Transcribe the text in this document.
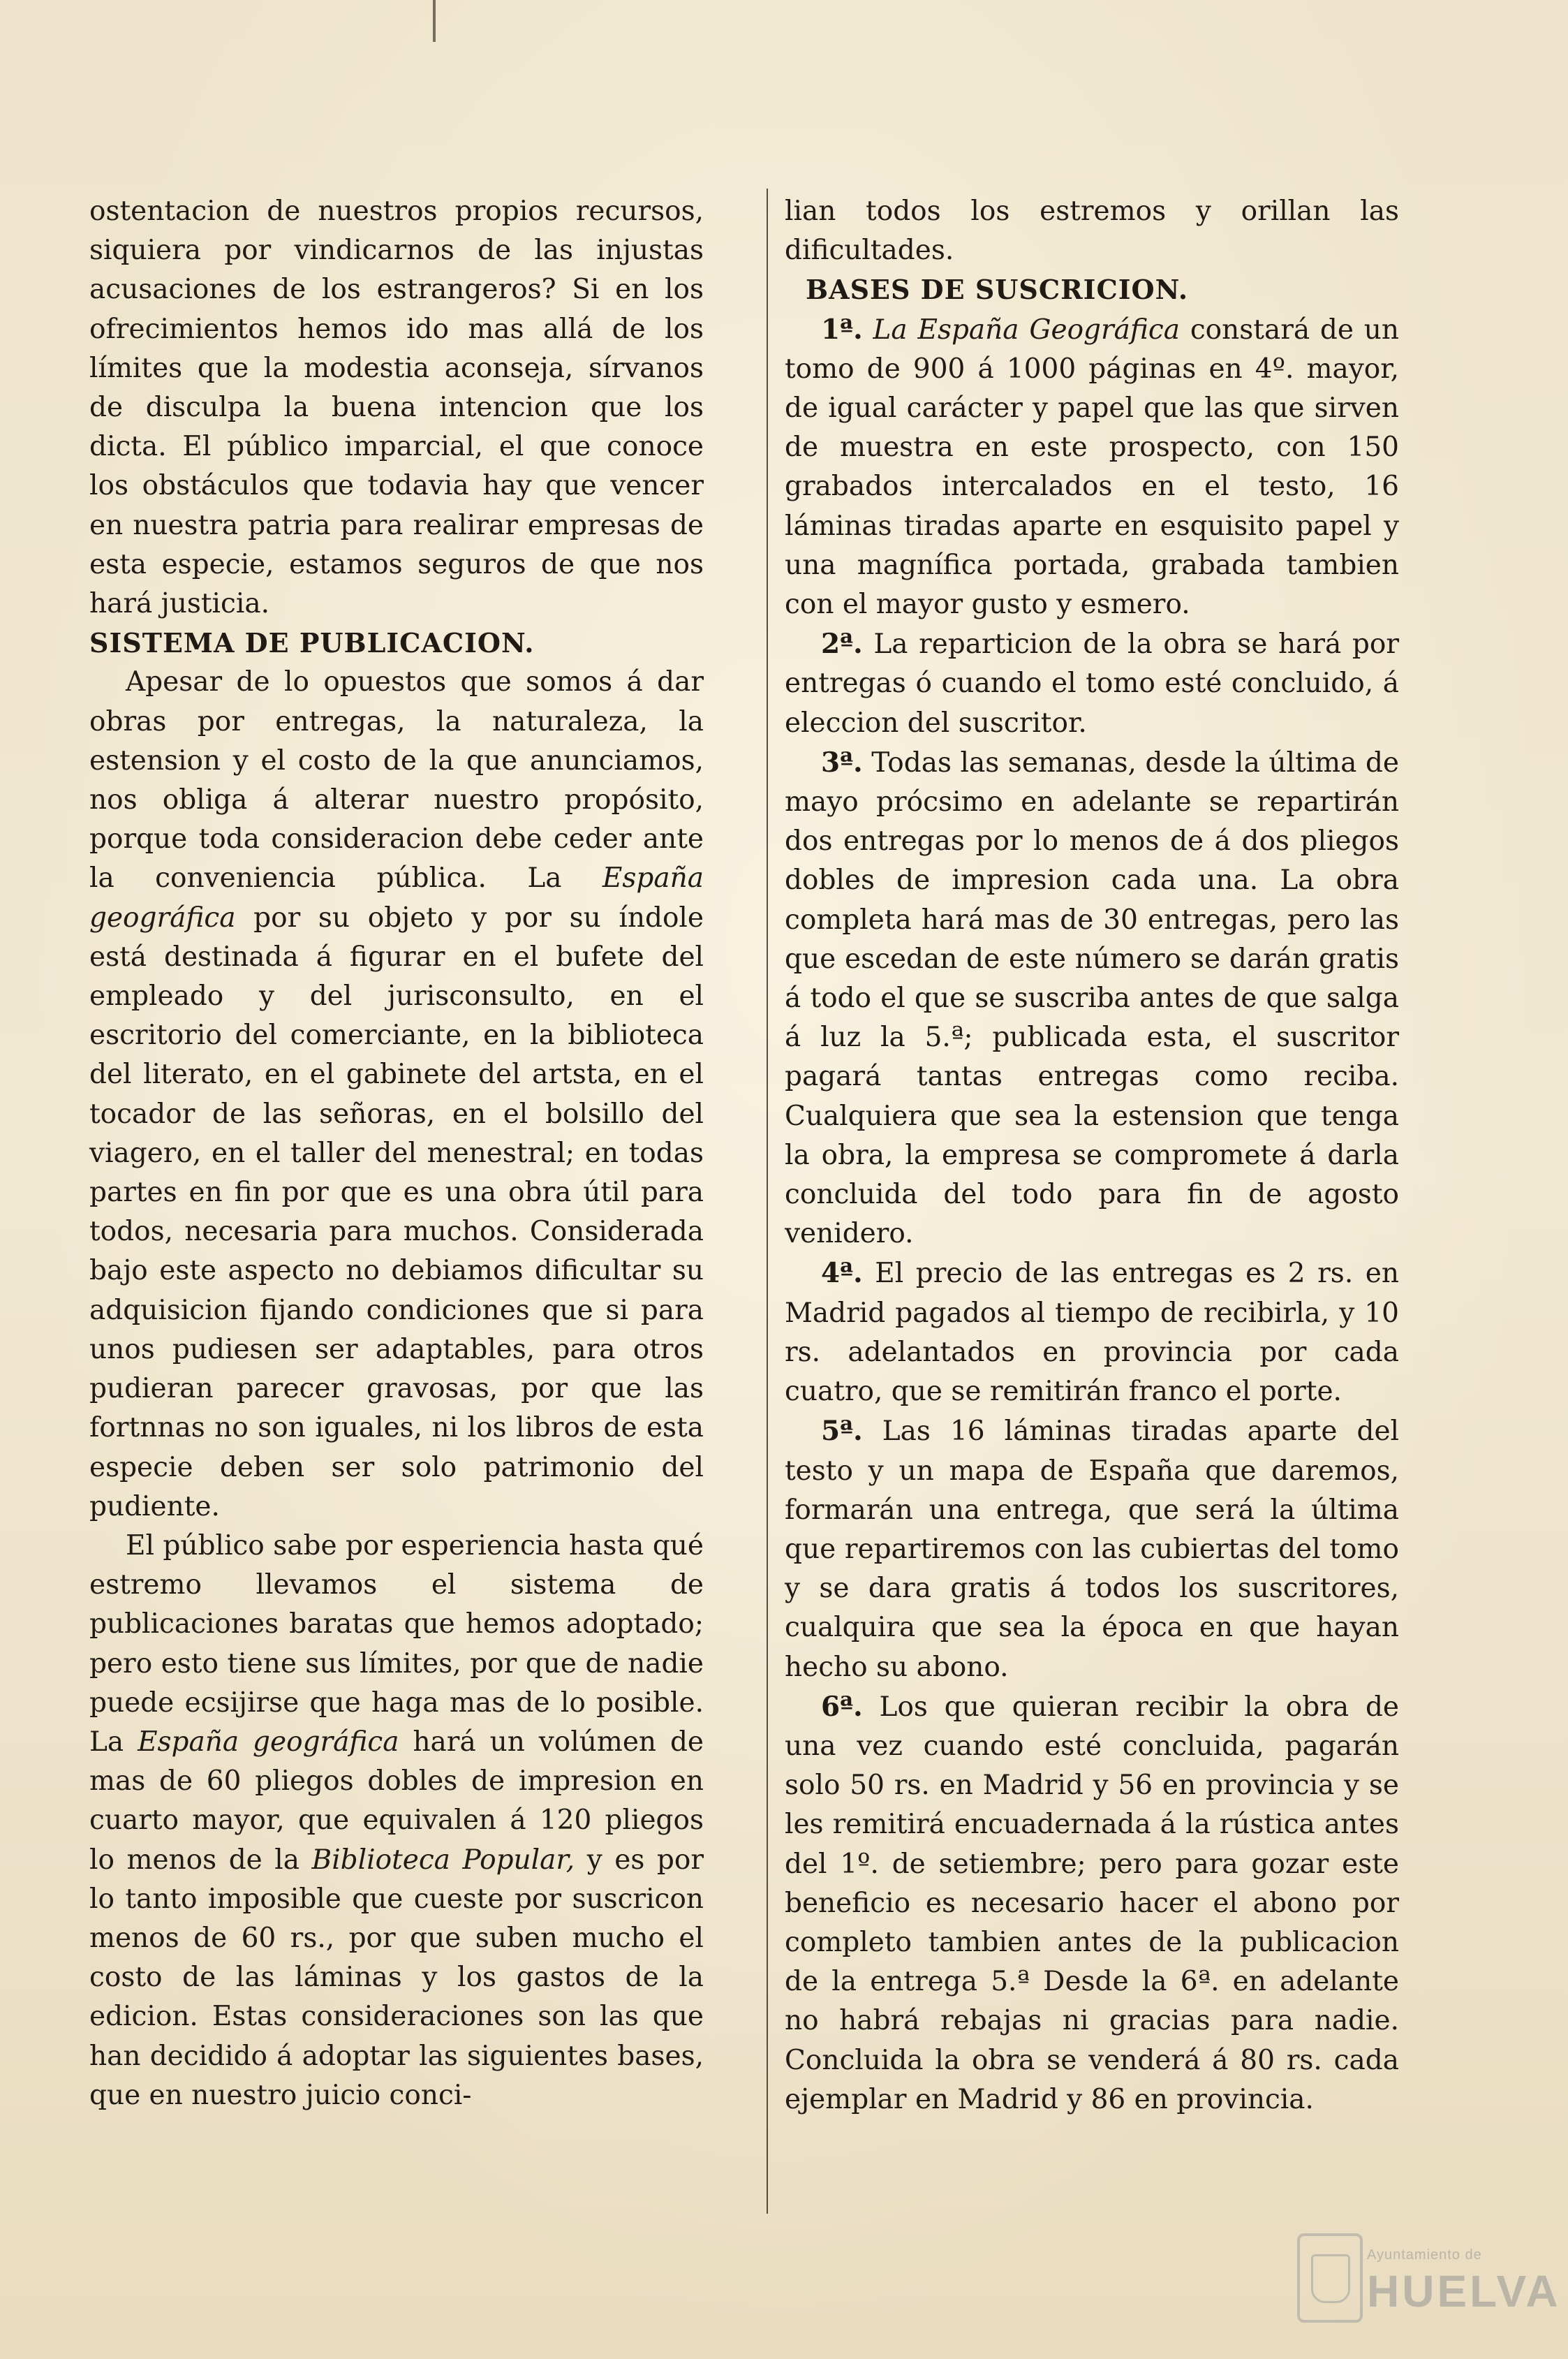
ostentacion de nuestros propios recursos, siquiera por vindicarnos de las injustas acusaciones de los estrangeros? Si en los ofrecimientos hemos ido mas allá de los límites que la modestia aconseja, sírvanos de disculpa la buena intencion que los dicta. El público imparcial, el que conoce los obstáculos que todavia hay que vencer en nuestra patria para realirar empresas de esta especie, estamos seguros de que nos hará justicia.

SISTEMA DE PUBLICACION.

Apesar de lo opuestos que somos á dar obras por entregas, la naturaleza, la estension y el costo de la que anunciamos, nos obliga á alterar nuestro propósito, porque toda consideracion debe ceder ante la conveniencia pública. La España geográfica por su objeto y por su índole está destinada á figurar en el bufete del empleado y del jurisconsulto, en el escritorio del comerciante, en la biblioteca del literato, en el gabinete del artsta, en el tocador de las señoras, en el bolsillo del viagero, en el taller del menestral; en todas partes en fin por que es una obra útil para todos, necesaria para muchos. Considerada bajo este aspecto no debiamos dificultar su adquisicion fijando condiciones que si para unos pudiesen ser adaptables, para otros pudieran parecer gravosas, por que las fortnnas no son iguales, ni los libros de esta especie deben ser solo patrimonio del pudiente.

El público sabe por esperiencia hasta qué estremo llevamos el sistema de publicaciones baratas que hemos adoptado; pero esto tiene sus límites, por que de nadie puede ecsijirse que haga mas de lo posible. La España geográfica hará un volúmen de mas de 60 pliegos dobles de impresion en cuarto mayor, que equivalen á 120 pliegos lo menos de la Biblioteca Popular, y es por lo tanto imposible que cueste por suscricon menos de 60 rs., por que suben mucho el costo de las láminas y los gastos de la edicion. Estas consideraciones son las que han decidido á adoptar las siguientes bases, que en nuestro juicio conci-

lian todos los estremos y orillan las dificultades.

BASES DE SUSCRICION.

1ª. La España Geográfica constará de un tomo de 900 á 1000 páginas en 4º. mayor, de igual carácter y papel que las que sirven de muestra en este prospecto, con 150 grabados intercalados en el testo, 16 láminas tiradas aparte en esquisito papel y una magnífica portada, grabada tambien con el mayor gusto y esmero.

2ª. La reparticion de la obra se hará por entregas ó cuando el tomo esté concluido, á eleccion del suscritor.

3ª. Todas las semanas, desde la última de mayo prócsimo en adelante se repartirán dos entregas por lo menos de á dos pliegos dobles de impresion cada una. La obra completa hará mas de 30 entregas, pero las que escedan de este número se darán gratis á todo el que se suscriba antes de que salga á luz la 5.ª; publicada esta, el suscritor pagará tantas entregas como reciba. Cualquiera que sea la estension que tenga la obra, la empresa se compromete á darla concluida del todo para fin de agosto venidero.

4ª. El precio de las entregas es 2 rs. en Madrid pagados al tiempo de recibirla, y 10 rs. adelantados en provincia por cada cuatro, que se remitirán franco el porte.

5ª. Las 16 láminas tiradas aparte del testo y un mapa de España que daremos, formarán una entrega, que será la última que repartiremos con las cubiertas del tomo y se dara gratis á todos los suscritores, cualquira que sea la época en que hayan hecho su abono.

6ª. Los que quieran recibir la obra de una vez cuando esté concluida, pagarán solo 50 rs. en Madrid y 56 en provincia y se les remitirá encuadernada á la rústica antes del 1º. de setiembre; pero para gozar este beneficio es necesario hacer el abono por completo tambien antes de la publicacion de la entrega 5.ª Desde la 6ª. en adelante no habrá rebajas ni gracias para nadie. Concluida la obra se venderá á 80 rs. cada ejemplar en Madrid y 86 en provincia.

Ayuntamiento de
HUELVA
